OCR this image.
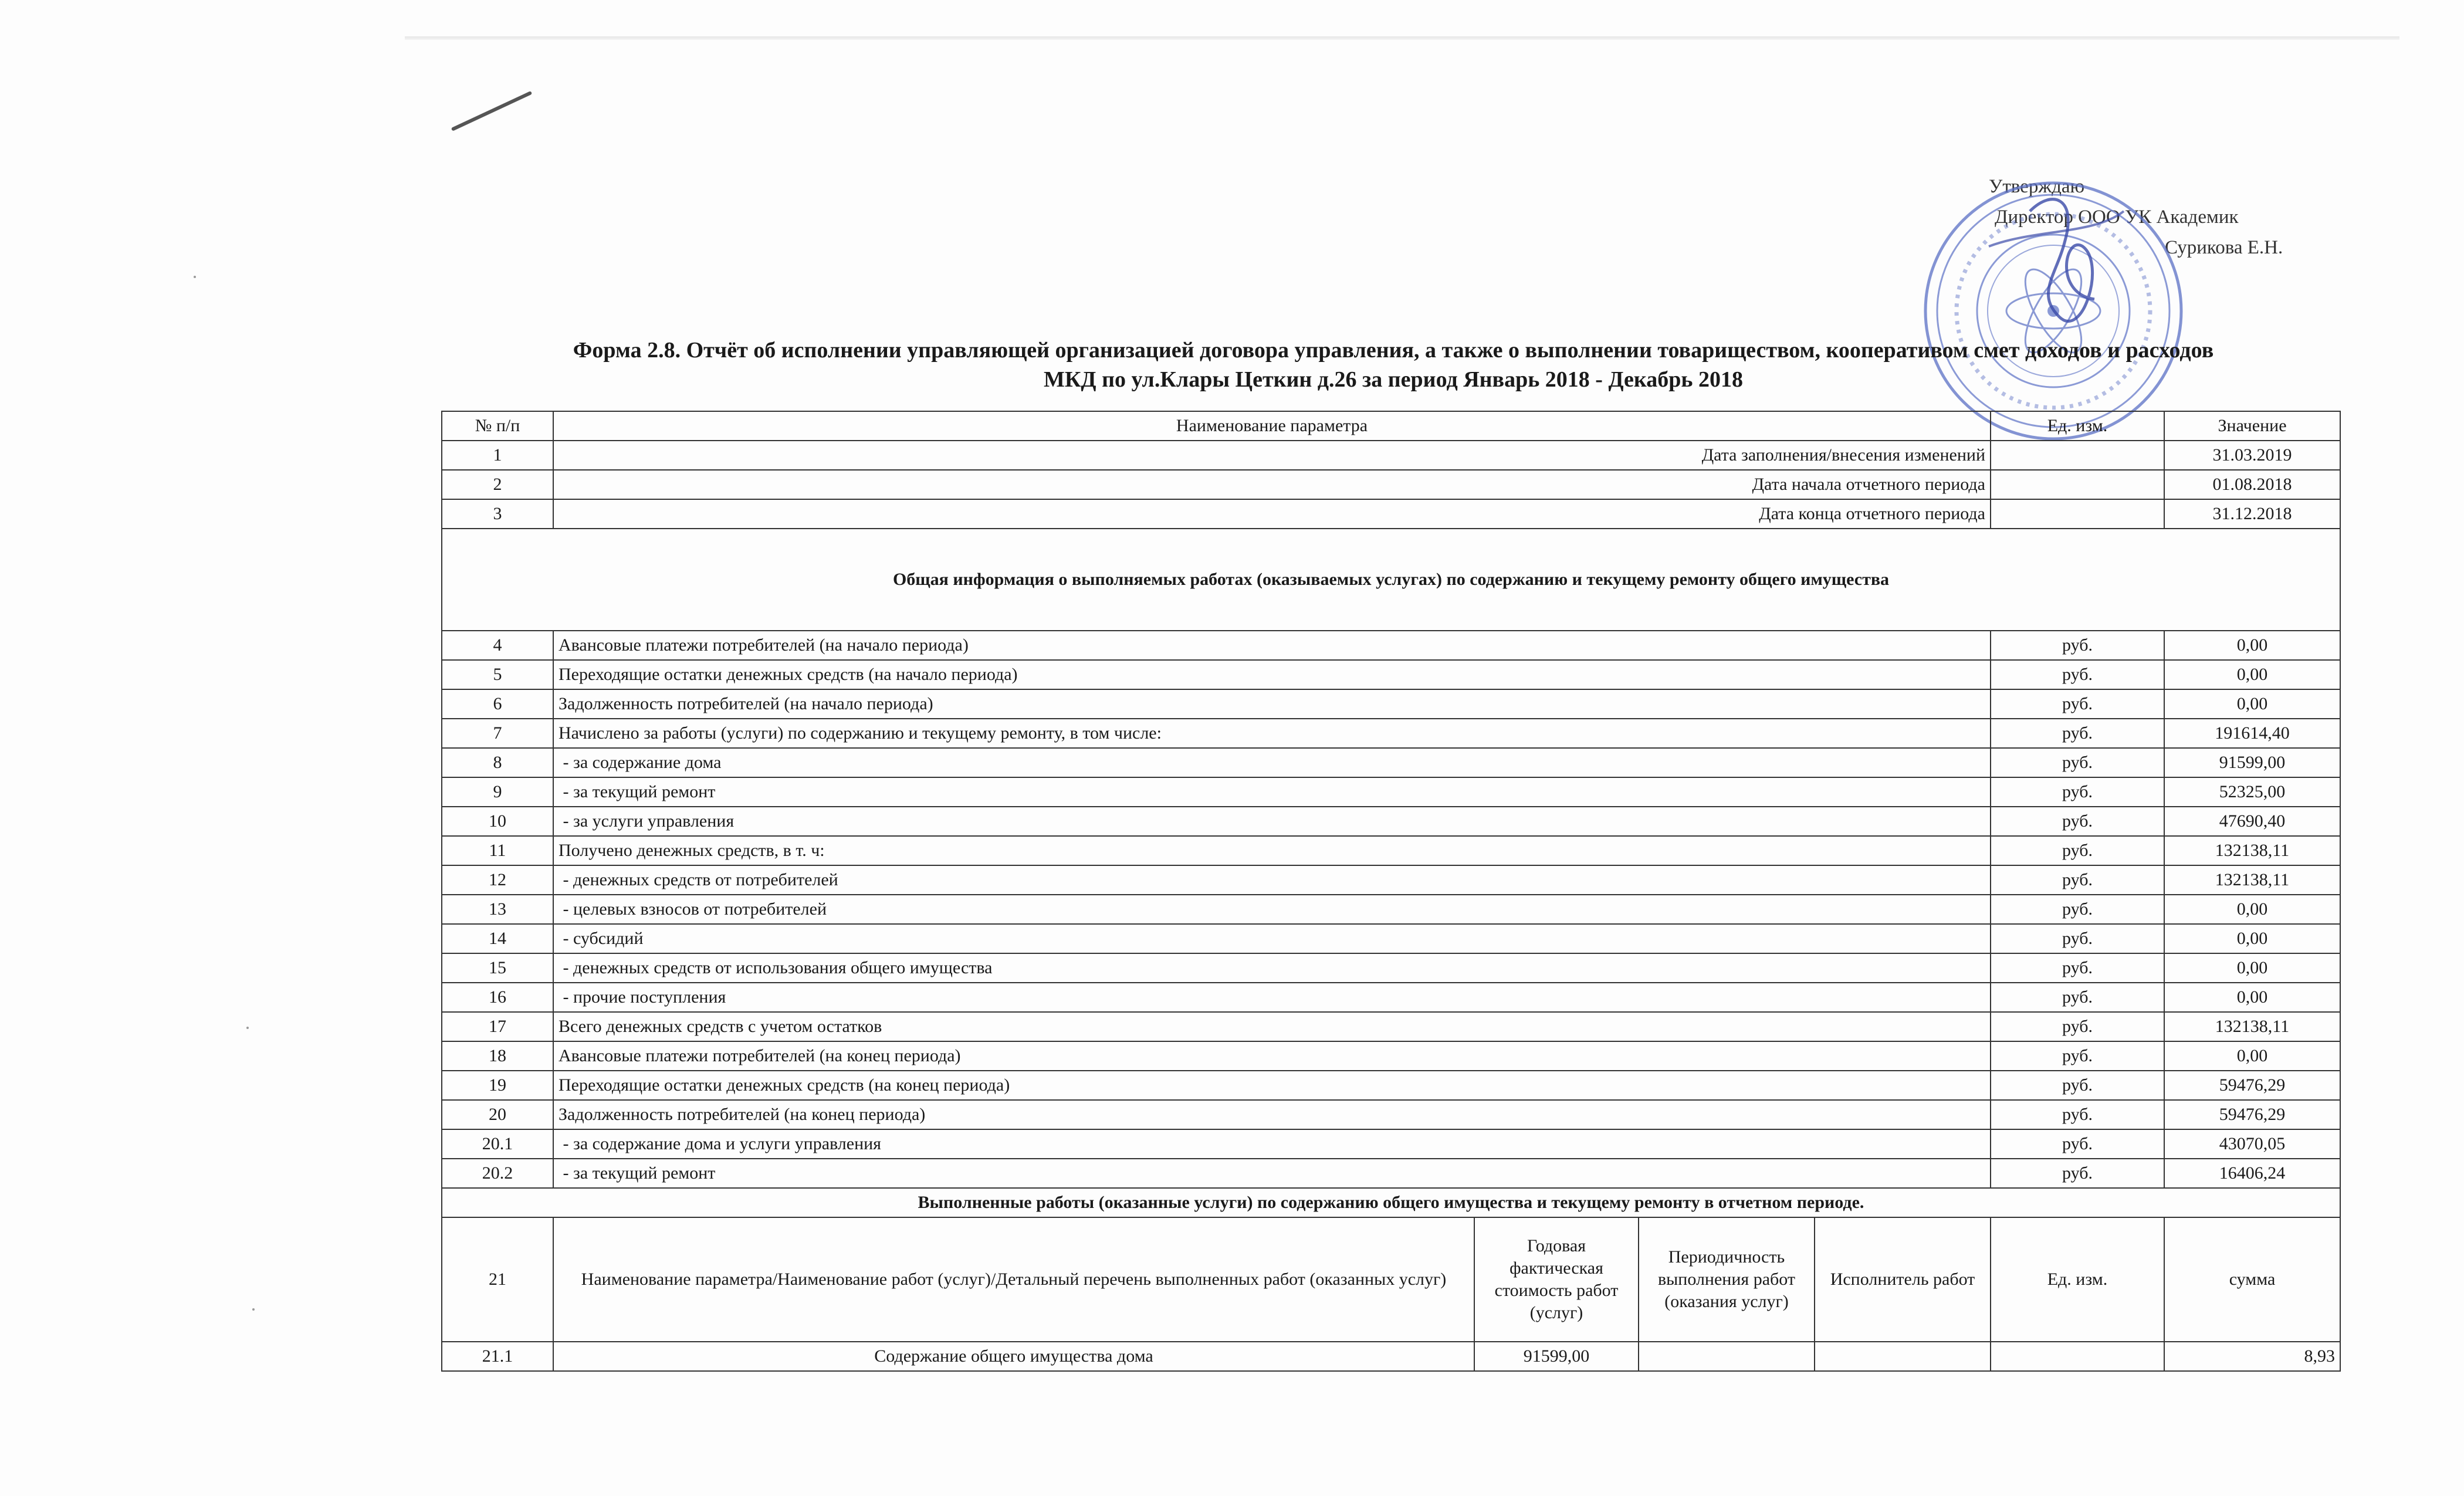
Утверждаю
Директор ООО УК Академик
Сурикова Е.Н.
Форма 2.8. Отчёт об исполнении управляющей организацией договора управления, а также о выполнении товариществом, кооперативом смет доходов и расходов
МКД по ул.Клары Цеткин д.26 за период Январь 2018 - Декабрь 2018
№ п/п	Наименование параметра				Ед. изм.	Значение
1	Дата заполнения/внесения изменений					31.03.2019
2	Дата начала отчетного периода					01.08.2018
3	Дата конца отчетного периода					31.12.2018
Общая информация о выполняемых работах (оказываемых услугах) по содержанию и текущему ремонту общего имущества						
4	Авансовые платежи потребителей (на начало периода)				руб.	0,00
5	Переходящие остатки денежных средств (на начало периода)				руб.	0,00
6	Задолженность потребителей (на начало периода)				руб.	0,00
7	Начислено за работы (услуги) по содержанию и текущему ремонту, в том числе:				руб.	191614,40
8	- за содержание дома				руб.	91599,00
9	- за текущий ремонт				руб.	52325,00
10	- за услуги управления				руб.	47690,40
11	Получено денежных средств, в т. ч:				руб.	132138,11
12	- денежных средств от потребителей				руб.	132138,11
13	- целевых взносов от потребителей				руб.	0,00
14	- субсидий				руб.	0,00
15	- денежных средств от использования общего имущества				руб.	0,00
16	- прочие поступления				руб.	0,00
17	Всего денежных средств с учетом остатков				руб.	132138,11
18	Авансовые платежи потребителей (на конец периода)				руб.	0,00
19	Переходящие остатки денежных средств (на конец периода)				руб.	59476,29
20	Задолженность потребителей (на конец периода)				руб.	59476,29
20.1	- за содержание дома и услуги управления				руб.	43070,05
20.2	- за текущий ремонт				руб.	16406,24
Выполненные работы (оказанные услуги) по содержанию общего имущества и текущему ремонту в отчетном периоде.						
21	Наименование параметра/Наименование работ (услуг)/Детальный перечень выполненных работ (оказанных услуг)	Годовая фактическая стоимость работ (услуг)	Периодичность выполнения работ (оказания услуг)	Исполнитель работ	Ед. изм.	сумма
21.1	Содержание общего имущества дома	91599,00				8,93
